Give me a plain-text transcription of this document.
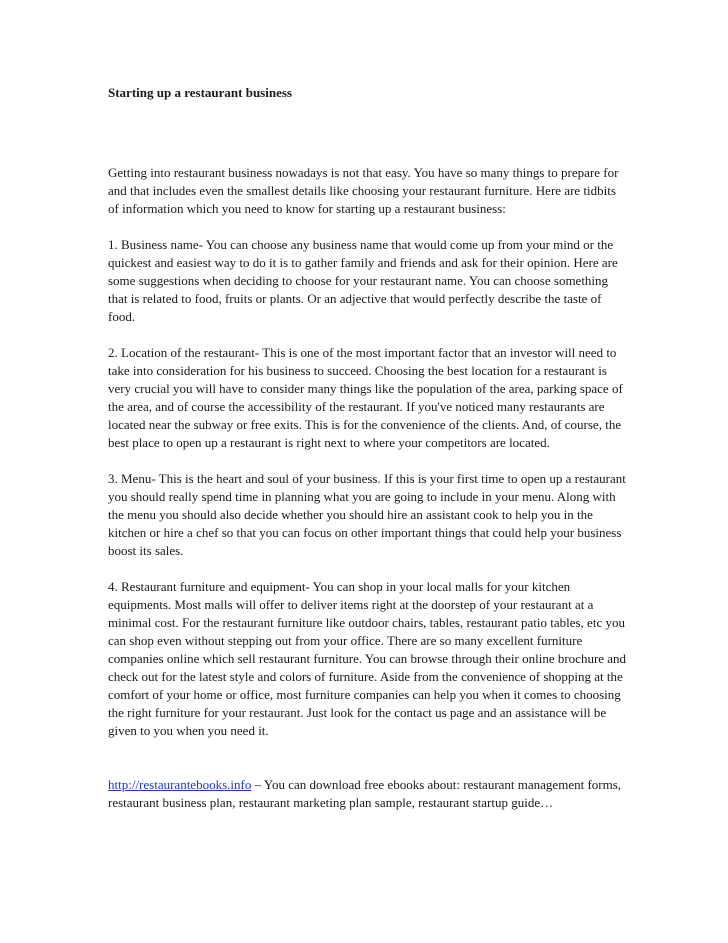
Starting up a restaurant business

Getting into restaurant business nowadays is not that easy. You have so many things to prepare for and that includes even the smallest details like choosing your restaurant furniture. Here are tidbits of information which you need to know for starting up a restaurant business:

1. Business name- You can choose any business name that would come up from your mind or the quickest and easiest way to do it is to gather family and friends and ask for their opinion. Here are some suggestions when deciding to choose for your restaurant name. You can choose something that is related to food, fruits or plants. Or an adjective that would perfectly describe the taste of food.

2. Location of the restaurant- This is one of the most important factor that an investor will need to take into consideration for his business to succeed. Choosing the best location for a restaurant is very crucial you will have to consider many things like the population of the area, parking space of the area, and of course the accessibility of the restaurant. If you've noticed many restaurants are located near the subway or free exits. This is for the convenience of the clients. And, of course, the best place to open up a restaurant is right next to where your competitors are located.

3. Menu- This is the heart and soul of your business. If this is your first time to open up a restaurant you should really spend time in planning what you are going to include in your menu. Along with the menu you should also decide whether you should hire an assistant cook to help you in the kitchen or hire a chef so that you can focus on other important things that could help your business boost its sales.

4. Restaurant furniture and equipment- You can shop in your local malls for your kitchen equipments. Most malls will offer to deliver items right at the doorstep of your restaurant at a minimal cost. For the restaurant furniture like outdoor chairs, tables, restaurant patio tables, etc you can shop even without stepping out from your office. There are so many excellent furniture companies online which sell restaurant furniture. You can browse through their online brochure and check out for the latest style and colors of furniture. Aside from the convenience of shopping at the comfort of your home or office, most furniture companies can help you when it comes to choosing the right furniture for your restaurant. Just look for the contact us page and an assistance will be given to you when you need it.

http://restaurantebooks.info – You can download free ebooks about: restaurant management forms, restaurant business plan, restaurant marketing plan sample, restaurant startup guide…
